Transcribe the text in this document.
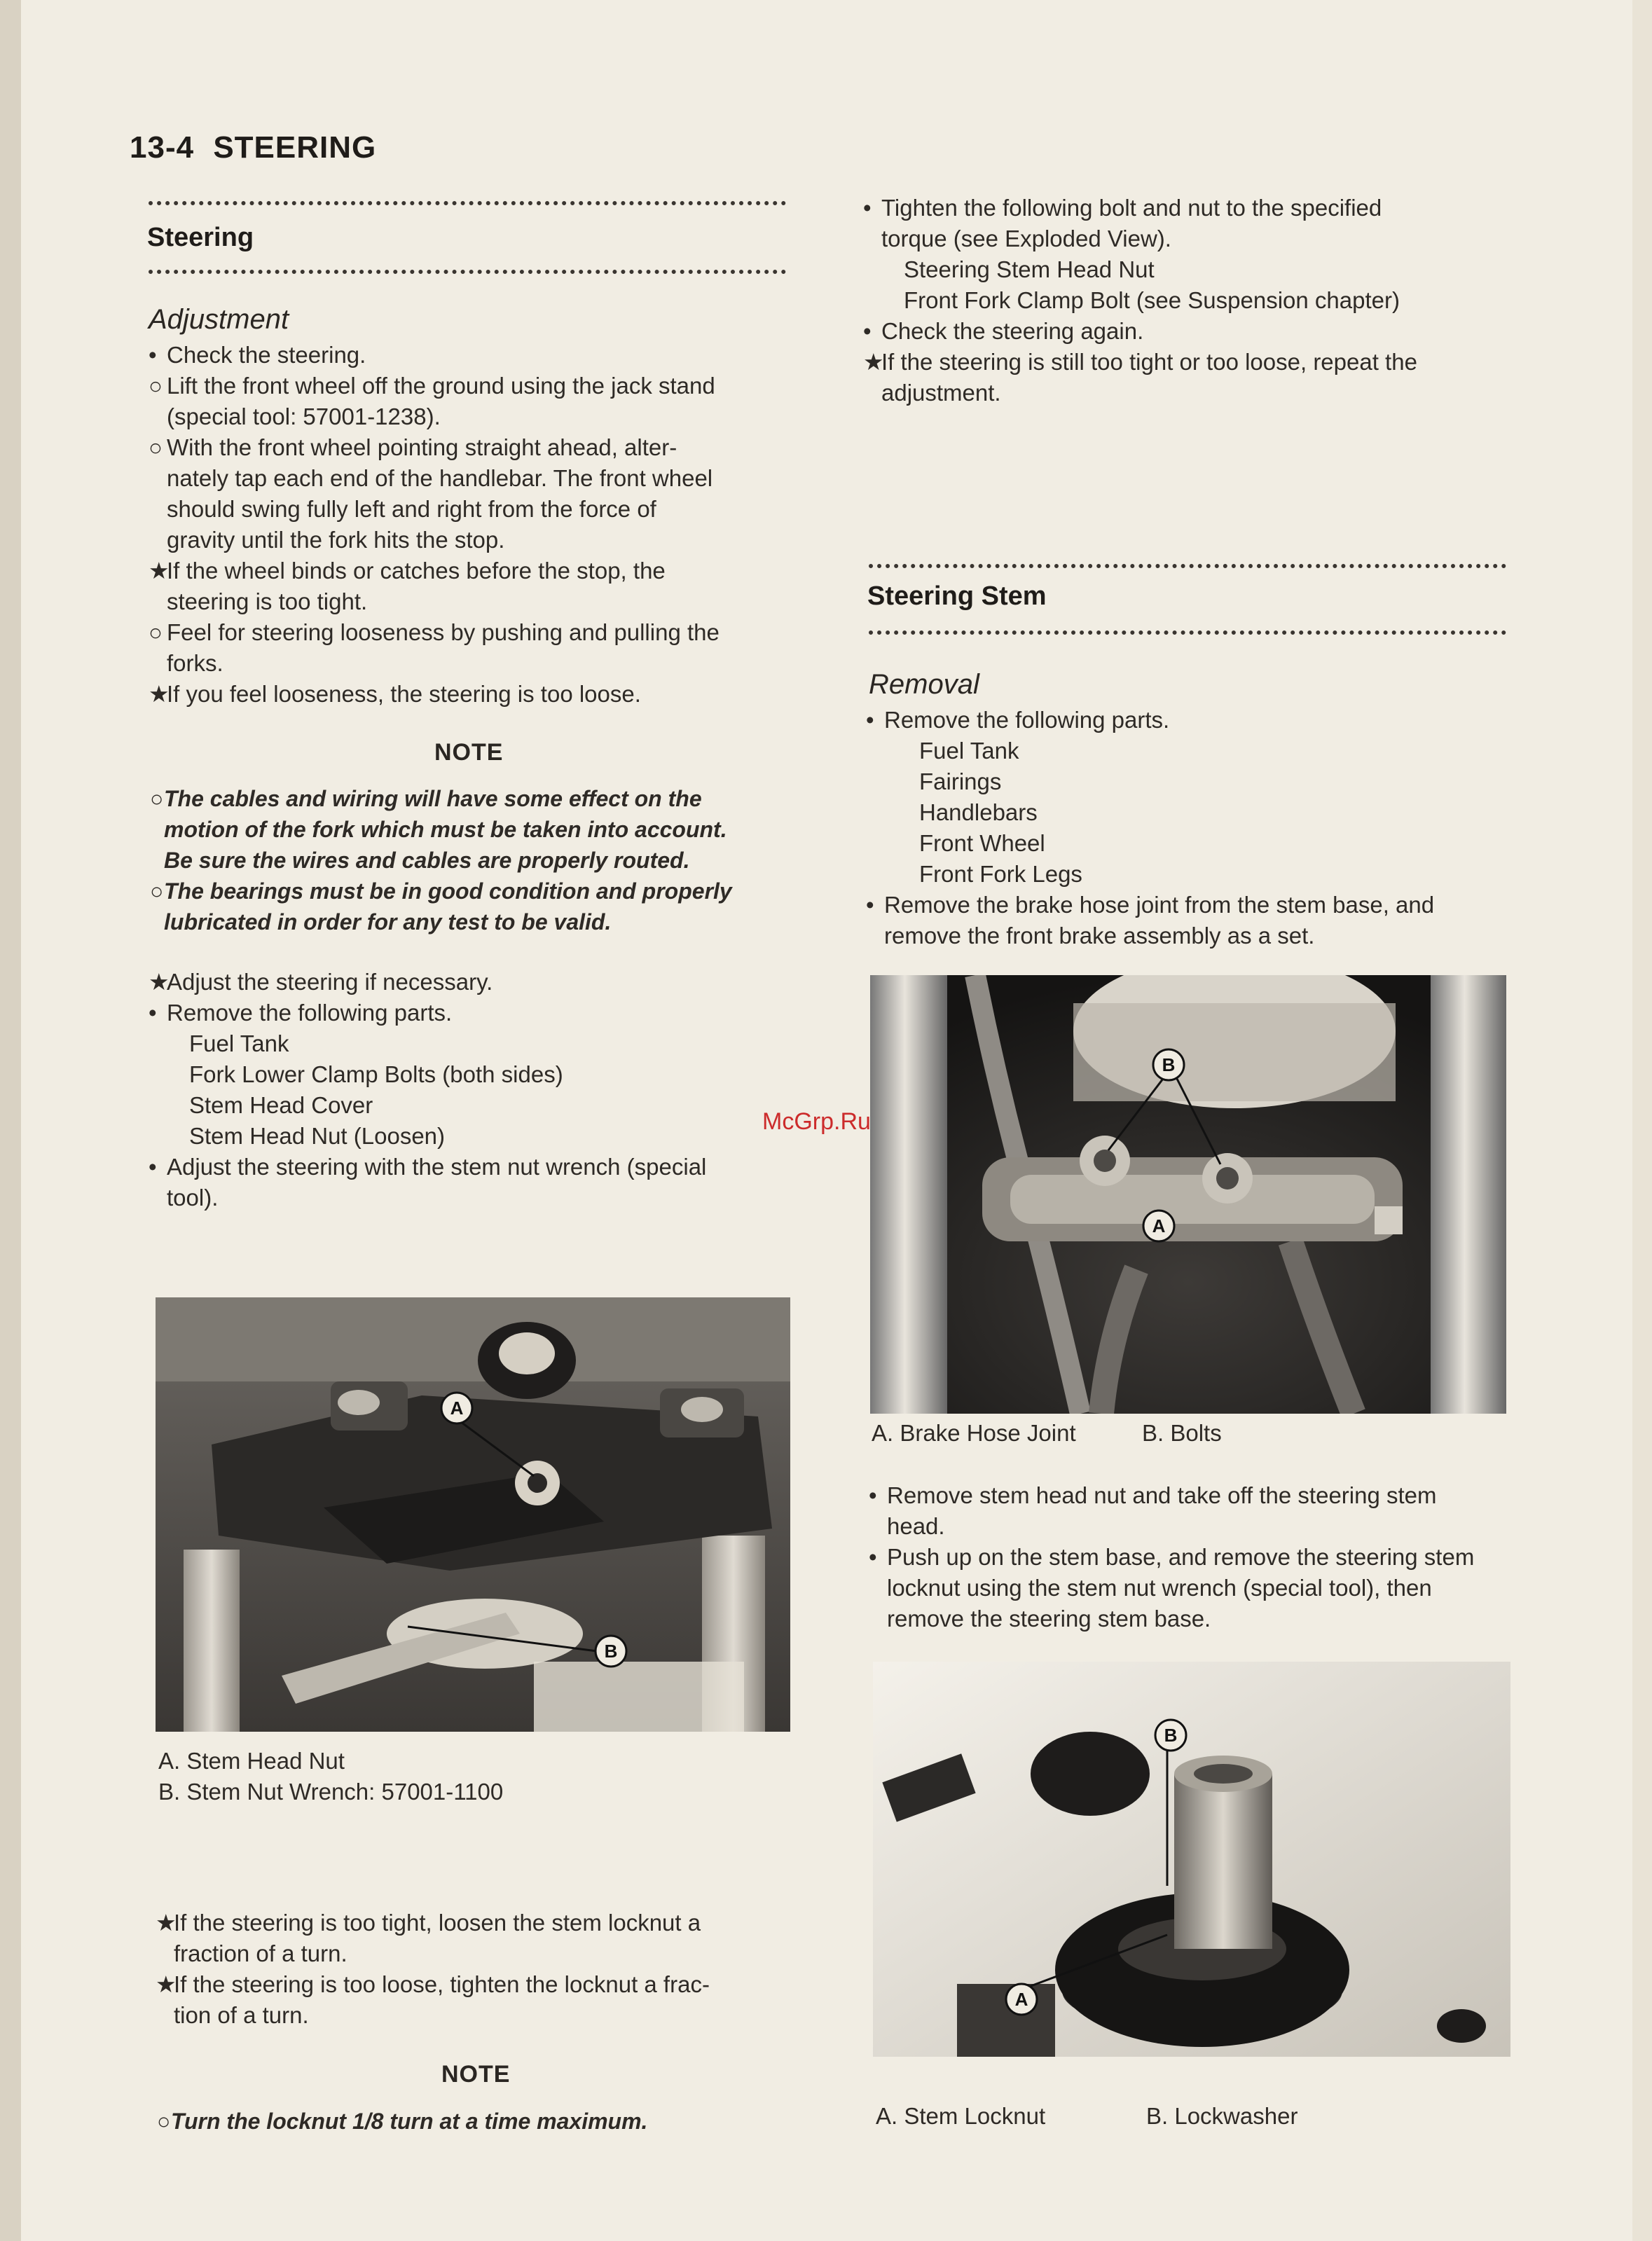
13-4 STEERING
Steering
Adjustment
• Check the steering.
○ Lift the front wheel off the ground using the jack stand
(special tool: 57001-1238).
○ With the front wheel pointing straight ahead, alter-
nately tap each end of the handlebar. The front wheel
should swing fully left and right from the force of
gravity until the fork hits the stop.
★
If the wheel binds or catches before the stop, the
steering is too tight.
○ Feel for steering looseness by pushing and pulling the
forks.
★
If you feel looseness, the steering is too loose.
NOTE
○ The cables and wiring will have some effect on the
motion of the fork which must be taken into account.
Be sure the wires and cables are properly routed.
○ The bearings must be in good condition and properly
lubricated in order for any test to be valid.
★
Adjust the steering if necessary.
• Remove the following parts.
Fuel Tank
Fork Lower Clamp Bolts (both sides)
Stem Head Cover
Stem Head Nut (Loosen)
• Adjust the steering with the stem nut wrench (special
tool).
A
B
A. Stem Head Nut
B. Stem Nut Wrench: 57001-1100
★
If the steering is too tight, loosen the stem locknut a
fraction of a turn.
★
If the steering is too loose, tighten the locknut a frac-
tion of a turn.
NOTE
○ Turn the locknut 1/8 turn at a time maximum.
• Tighten the following bolt and nut to the specified
torque (see Exploded View).
Steering Stem Head Nut
Front Fork Clamp Bolt (see Suspension chapter)
• Check the steering again.
★
If the steering is still too tight or too loose, repeat the
adjustment.
Steering Stem
Removal
• Remove the following parts.
Fuel Tank
Fairings
Handlebars
Front Wheel
Front Fork Legs
• Remove the brake hose joint from the stem base, and
remove the front brake assembly as a set.
B
A
A. Brake Hose Joint	B. Bolts
• Remove stem head nut and take off the steering stem
head.
• Push up on the stem base, and remove the steering stem
locknut using the stem nut wrench (special tool), then
remove the steering stem base.
B
A
A. Stem Locknut	B. Lockwasher
McGrp.Ru
